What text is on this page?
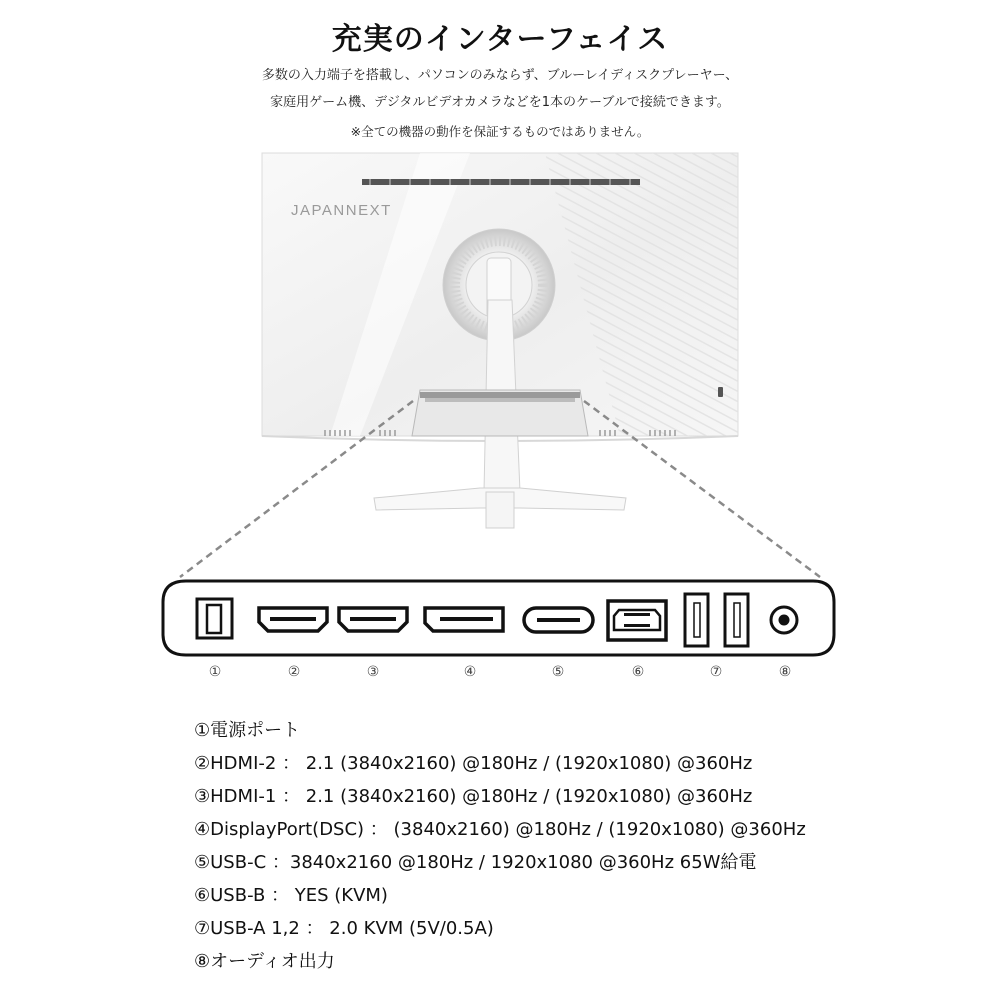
充実のインターフェイス
多数の入力端子を搭載し、パソコンのみならず、ブルーレイディスクプレーヤー、
家庭用ゲーム機、デジタルビデオカメラなどを1本のケーブルで接続できます。
※全ての機器の動作を保証するものではありません。
JAPANNEXT
①	②	③	④	⑤	⑥	⑦	⑧
①電源ポート
②HDMI-2 ： 2.1 (3840x2160) @180Hz / (1920x1080) @360Hz
③HDMI-1 ： 2.1 (3840x2160) @180Hz / (1920x1080) @360Hz
④DisplayPort(DSC) ： (3840x2160) @180Hz / (1920x1080) @360Hz
⑤USB-C ：3840x2160 @180Hz / 1920x1080 @360Hz 65W給電
⑥USB-B ： YES (KVM)
⑦USB-A 1,2 ： 2.0 KVM (5V/0.5A)
⑧オーディオ出力
